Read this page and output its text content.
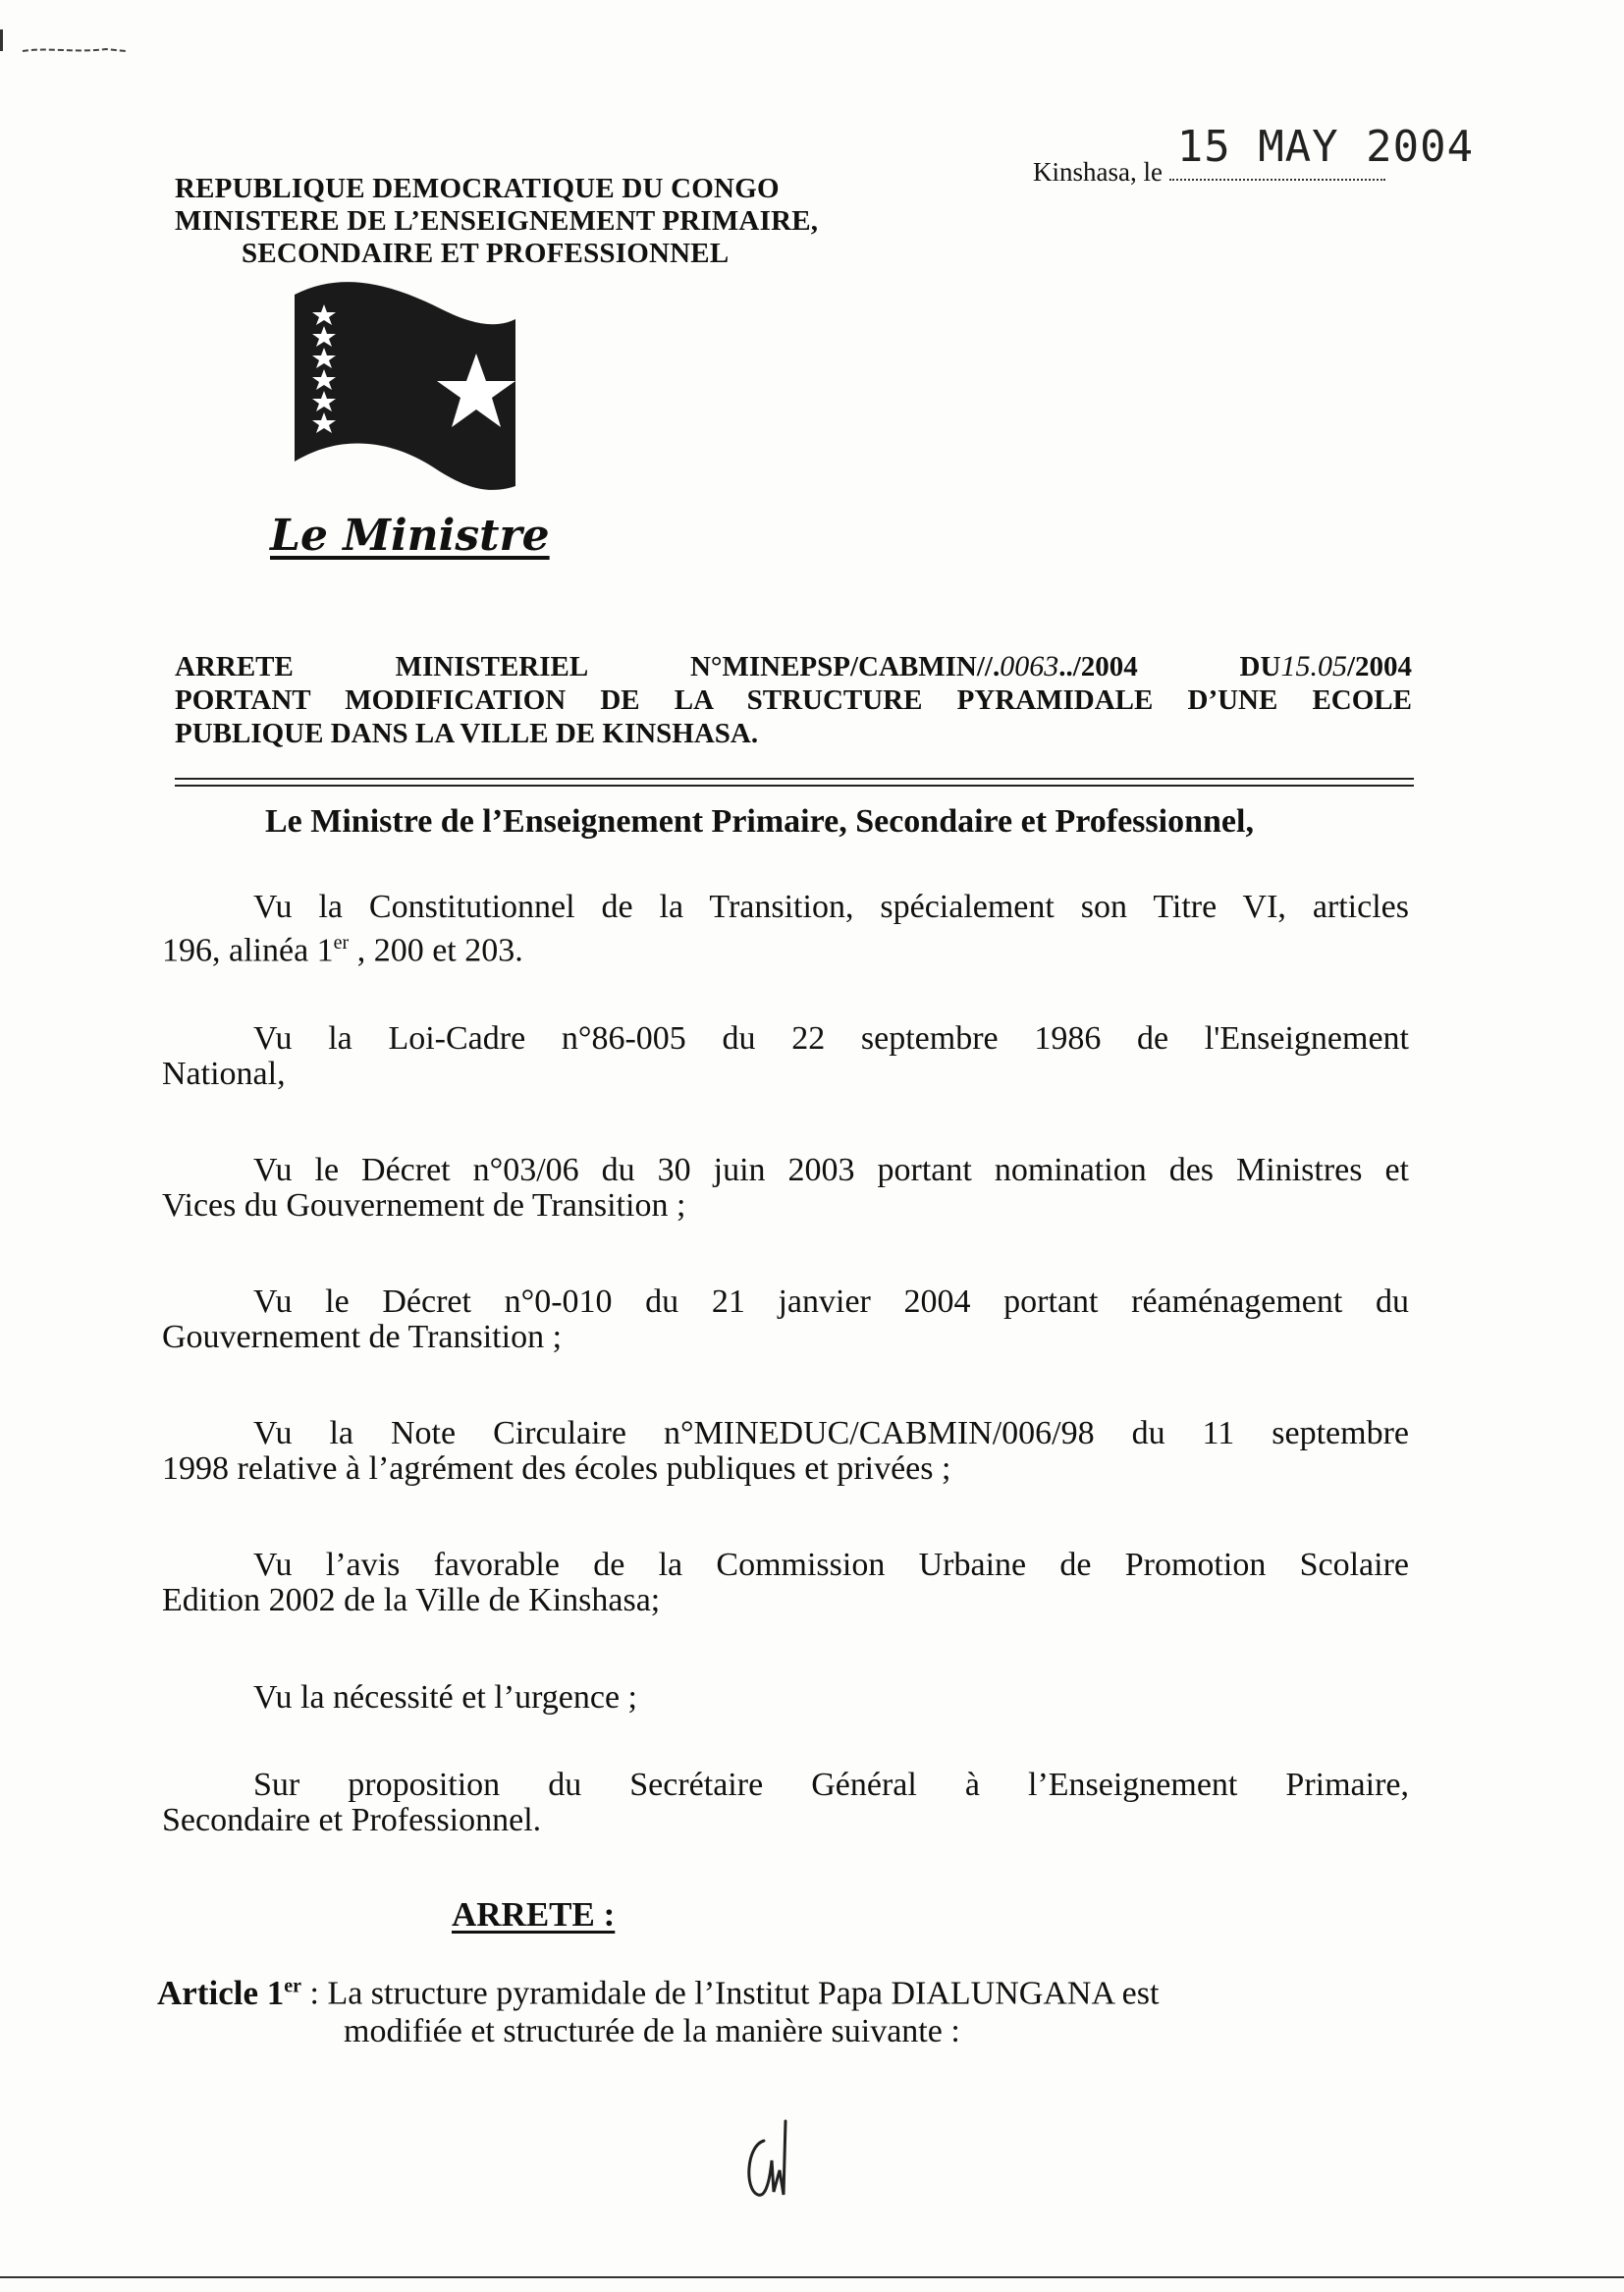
REPUBLIQUE DEMOCRATIQUE DU CONGO
MINISTERE DE L’ENSEIGNEMENT PRIMAIRE,
SECONDAIRE ET PROFESSIONNEL
Kinshasa, le 15 MAY 2004
Le Ministre
ARRETE	MINISTERIEL	N°MINEPSP/CABMIN//.0063../2004	DU15.05/2004
PORTANT MODIFICATION DE LA STRUCTURE PYRAMIDALE D’UNE ECOLE
PUBLIQUE DANS LA VILLE DE KINSHASA.
Le Ministre de l’Enseignement Primaire, Secondaire et Professionnel,
Vu la Constitutionnel de la Transition, spécialement son Titre VI, articles
196, alinéa 1er , 200 et 203.
Vu la Loi-Cadre n°86-005 du 22 septembre 1986 de l'Enseignement
National,
Vu le Décret n°03/06 du 30 juin 2003 portant nomination des Ministres et
Vices du Gouvernement de Transition ;
Vu le Décret n°0-010 du 21 janvier 2004 portant réaménagement du
Gouvernement de Transition ;
Vu la Note Circulaire n°MINEDUC/CABMIN/006/98 du 11 septembre
1998 relative à l’agrément des écoles publiques et privées ;
Vu l’avis favorable de la Commission Urbaine de Promotion Scolaire
Edition 2002 de la Ville de Kinshasa;
Vu la nécessité et l’urgence ;
Sur proposition du Secrétaire Général à l’Enseignement Primaire,
Secondaire et Professionnel.
ARRETE :
Article 1er : La structure pyramidale de l’Institut Papa DIALUNGANA est
modifiée et structurée de la manière suivante :
